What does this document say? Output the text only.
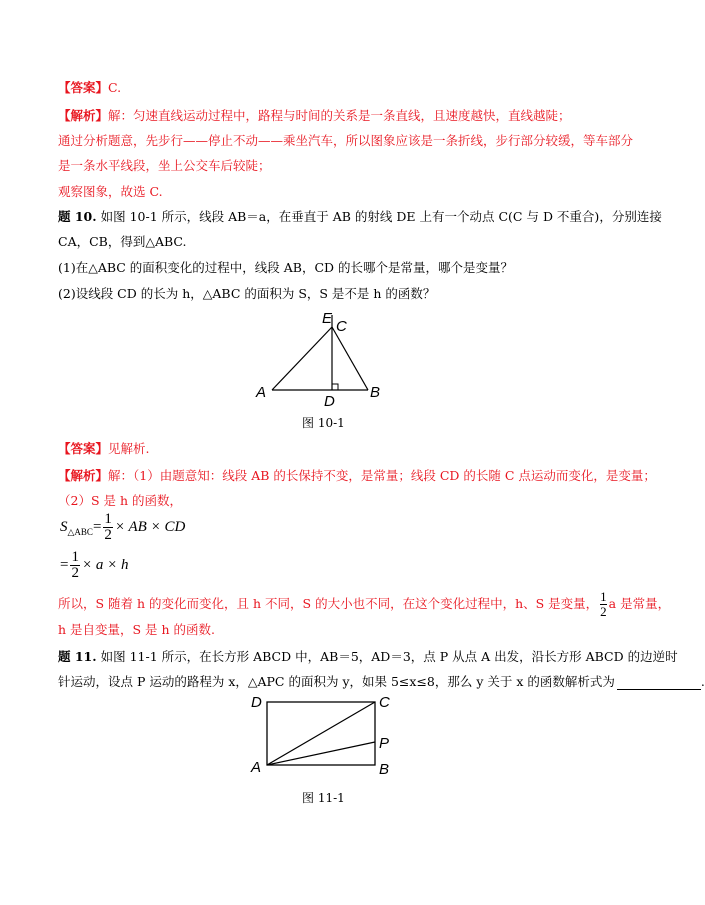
【答案】C.
【解析】解：匀速直线运动过程中，路程与时间的关系是一条直线，且速度越快，直线越陡；
通过分析题意，先步行——停止不动——乘坐汽车，所以图象应该是一条折线，步行部分较缓，等车部分
是一条水平线段，坐上公交车后较陡；
观察图象，故选 C.
题 10. 如图 10-1 所示，线段 AB＝a，在垂直于 AB 的射线 DE 上有一个动点 C(C 与 D 不重合)，分别连接
CA，CB，得到△ABC.
(1)在△ABC 的面积变化的过程中，线段 AB，CD 的长哪个是常量，哪个是变量？
(2)设线段 CD 的长为 h，△ABC 的面积为 S，S 是不是 h 的函数？
E C
A
D
B
图 10-1
【答案】见解析.
【解析】解：（1）由题意知：线段 AB 的长保持不变，是常量；线段 CD 的长随 C 点运动而变化，是变量；
（2）S 是 h 的函数，
$S_{\triangle ABC}= \frac{1}{2}$ × AB × CD
= $\frac{1}{2} \times a \times h$
所以，S 随着 h 的变化而变化，且 h 不同，S 的大小也不同，在这个变化过程中，h、S 是变量， $\frac{1}{2}$ a 是常量，
h 是自变量，S 是 h 的函数.
题 11. 如图 11-1 所示，在长方形 ABCD 中，AB＝5，AD＝3，点 P 从点 A 出发，沿长方形 ABCD 的边逆时
针运动，设点 P 运动的路程为 x，△APC 的面积为 y，如果 5≤x≤8，那么 y 关于 x 的函数解析式为	.
D	C
P
A	B
图 11-1
